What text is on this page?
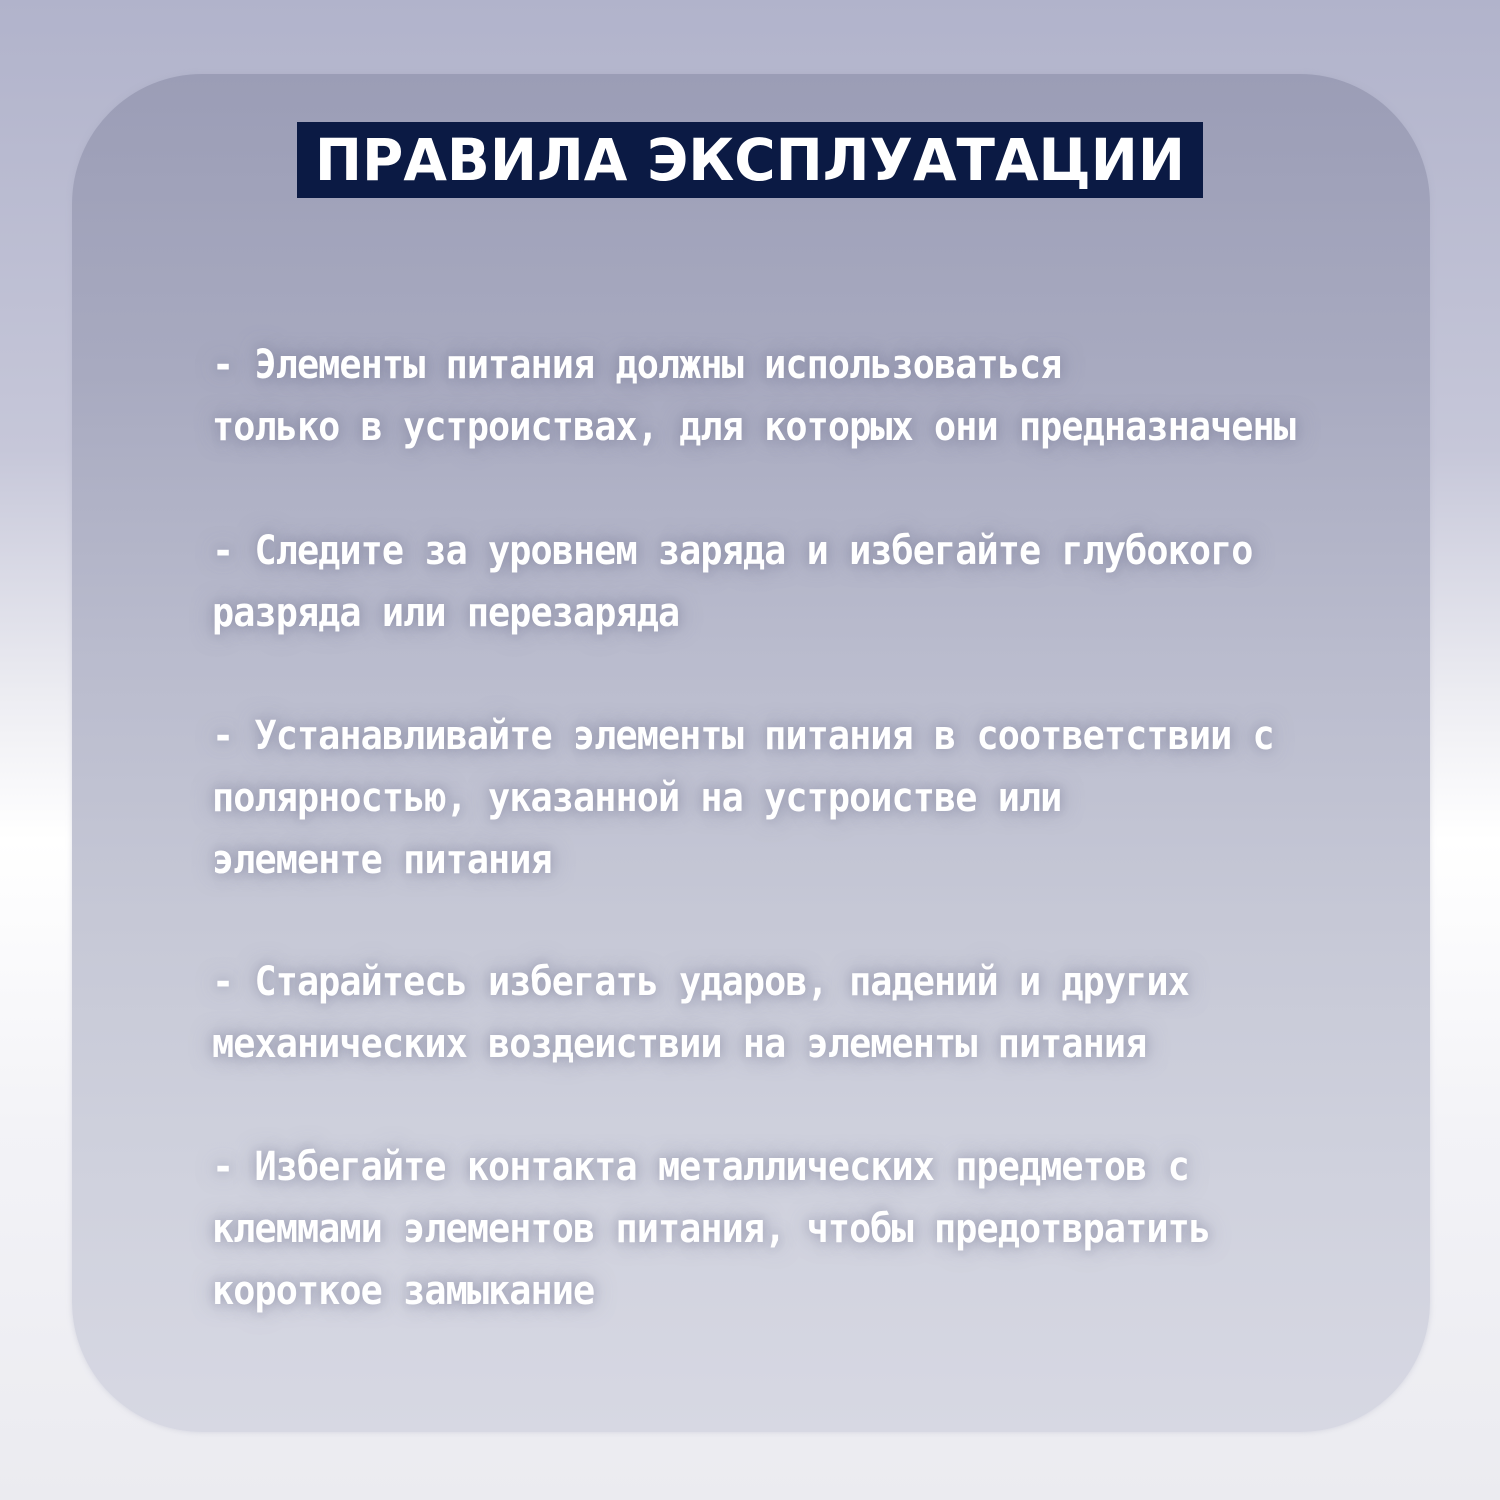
ПРАВИЛА ЭКСПЛУАТАЦИИ
- Элементы питания должны использоваться
только в устроиствах, для которых они предназначены
- Следите за уровнем заряда и избегайте глубокого
разряда или перезаряда
- Устанавливайте элементы питания в соответствии с
полярностью, указанной на устроистве или
элементе питания
- Старайтесь избегать ударов, падений и других
механических воздеиствии на элементы питания
- Избегайте контакта металлических предметов с
клеммами элементов питания, чтобы предотвратить
короткое замыкание
